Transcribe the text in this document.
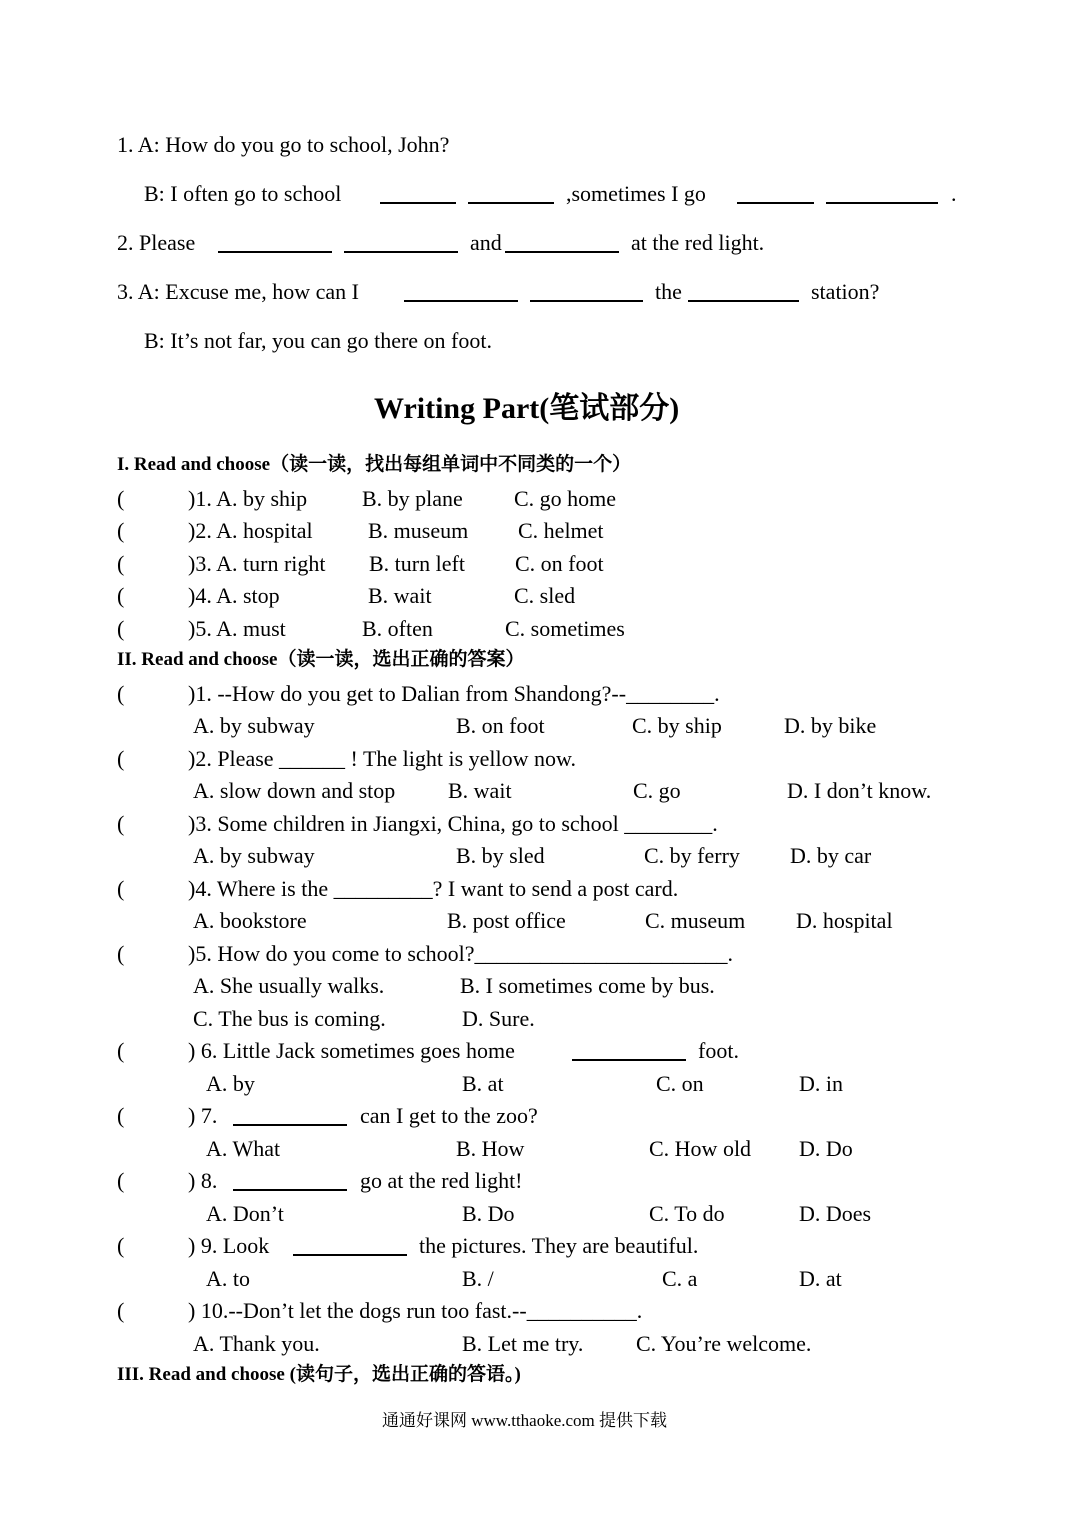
1. A: How do you go to school, John?
B: I often go to school	,sometimes I go	.
2. Please	and	at the red light.
3. A: Excuse me, how can I	the	station?
B: It’s not far, you can go there on foot.
Writing Part(笔试部分)
I. Read and choose（读一读，找出每组单词中不同类的一个）
(	)1. A. by ship B. by plane C. go home
(	)2. A. hospital	B. museum C. helmet
(	)3. A. turn right B. turn left C. on foot
(	)4. A. stop	B. wait	C. sled
(	)5. A. must	B. often	C. sometimes
II. Read and choose（读一读，选出正确的答案）
(	)1. --How do you get to Dalian from Shandong?--________.
A. by subway	B. on foot	C. by ship	D. by bike
(	)2. Please ______ ! The light is yellow now.
A. slow down and stop B. wait	C. go	D. I don’t know.
(	)3. Some children in Jiangxi, China, go to school ________.
A. by subway	B. by sled	C. by ferry D. by car
(	)4. Where is the _________? I want to send a post card.
A. bookstore	B. post office	C. museum D. hospital
(	)5. How do you come to school?_______________________.
A. She usually walks.	B. I sometimes come by bus.
C. The bus is coming.	D. Sure.
(	) 6. Little Jack sometimes goes home	foot.
A. by	B. at	C. on	D. in
(	) 7.	can I get to the zoo?
A. What	B. How	C. How old D. Do
(	) 8.	go at the red light!
A. Don’t	B. Do	C. To do	D. Does
(	) 9. Look	the pictures. They are beautiful.
A. to	B. /	C. a	D. at
(	) 10.--Don’t let the dogs run too fast.--__________.
A. Thank you.	B. Let me try. C. You’re welcome.
III. Read and choose (读句子，选出正确的答语。)
通通好课网 www.tthaoke.com 提供下载
